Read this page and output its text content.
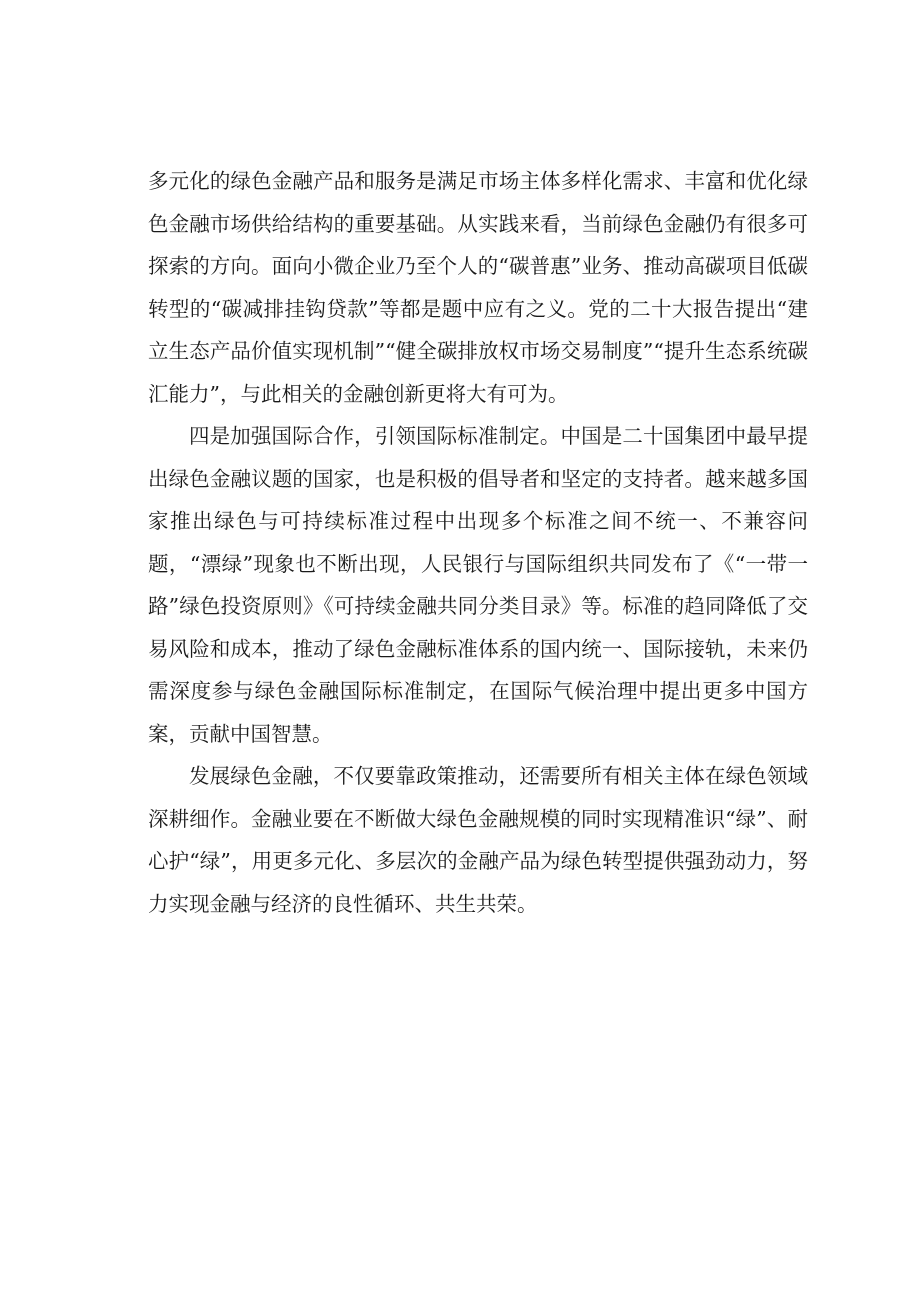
多元化的绿色金融产品和服务是满足市场主体多样化需求、丰富和优化绿色金融市场供给结构的重要基础。从实践来看，当前绿色金融仍有很多可探索的方向。面向小微企业乃至个人的“碳普惠”业务、推动高碳项目低碳转型的“碳减排挂钩贷款”等都是题中应有之义。党的二十大报告提出“建立生态产品价值实现机制”“健全碳排放权市场交易制度”“提升生态系统碳汇能力”，与此相关的金融创新更将大有可为。

四是加强国际合作，引领国际标准制定。中国是二十国集团中最早提出绿色金融议题的国家，也是积极的倡导者和坚定的支持者。越来越多国家推出绿色与可持续标准过程中出现多个标准之间不统一、不兼容问题，“漂绿”现象也不断出现，人民银行与国际组织共同发布了《“一带一路”绿色投资原则》《可持续金融共同分类目录》等。标准的趋同降低了交易风险和成本，推动了绿色金融标准体系的国内统一、国际接轨，未来仍需深度参与绿色金融国际标准制定，在国际气候治理中提出更多中国方案，贡献中国智慧。

发展绿色金融，不仅要靠政策推动，还需要所有相关主体在绿色领域深耕细作。金融业要在不断做大绿色金融规模的同时实现精准识“绿”、耐心护“绿”，用更多元化、多层次的金融产品为绿色转型提供强劲动力，努力实现金融与经济的良性循环、共生共荣。
